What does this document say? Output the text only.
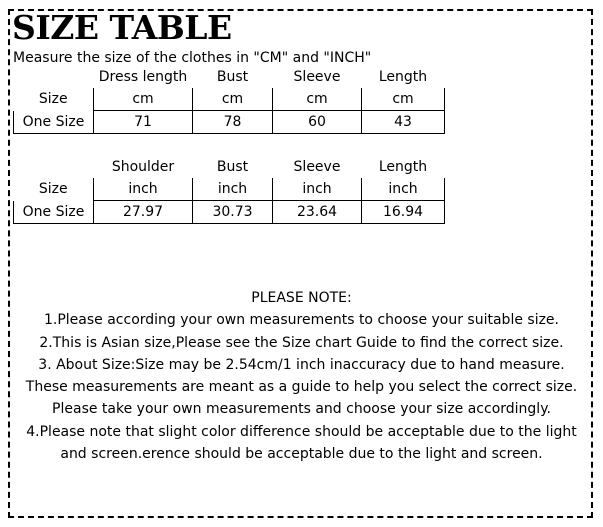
SIZE TABLE
Measure the size of the clothes in "CM" and "INCH"
	Dress length	Bust	Sleeve	Length
Size	cm	cm	cm	cm
One Size	71	78	60	43
	Shoulder	Bust	Sleeve	Length
Size	inch	inch	inch	inch
One Size	27.97	30.73	23.64	16.94
PLEASE NOTE:
1.Please according your own measurements to choose your suitable size.
2.This is Asian size,Please see the Size chart Guide to find the correct size.
3. About Size:Size may be 2.54cm/1 inch inaccuracy due to hand measure.
These measurements are meant as a guide to help you select the correct size.
Please take your own measurements and choose your size accordingly.
4.Please note that slight color difference should be acceptable due to the light
and screen.erence should be acceptable due to the light and screen.
